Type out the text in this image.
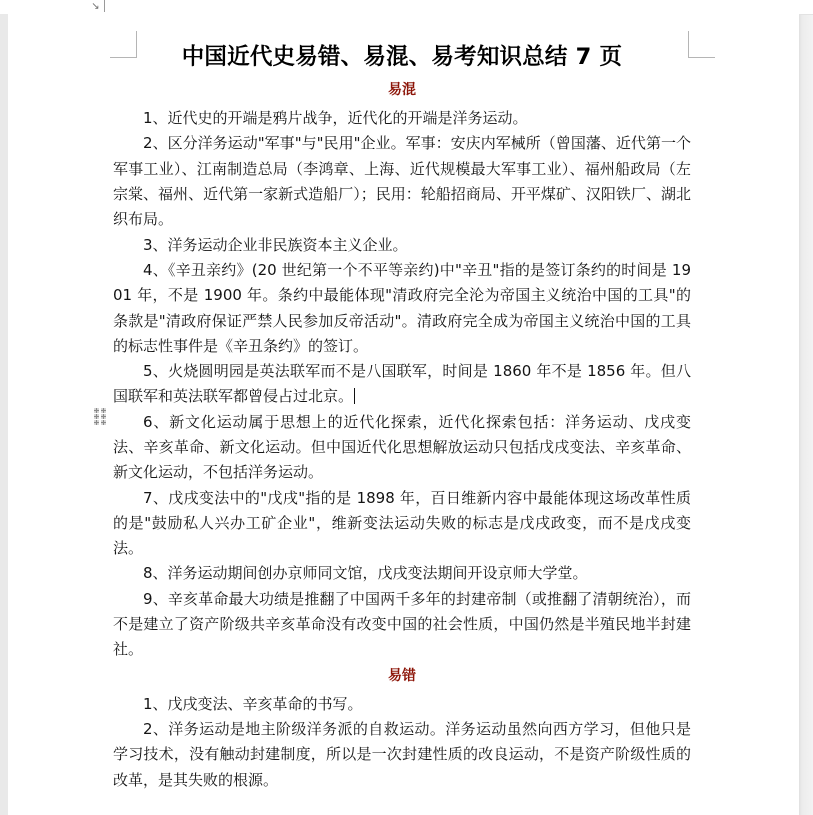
↘
中国近代史易错、易混、易考知识总结 7 页
易混

1、近代史的开端是鸦片战争，近代化的开端是洋务运动。

2、区分洋务运动"军事"与"民用"企业。军事：安庆内军械所（曾国藩、近代第一个军事工业）、江南制造总局（李鸿章、上海、近代规模最大军事工业）、福州船政局（左宗棠、福州、近代第一家新式造船厂）；民用：轮船招商局、开平煤矿、汉阳铁厂、湖北织布局。

3、洋务运动企业非民族资本主义企业。

4、《辛丑亲约》(20 世纪第一个不平等亲约)中"辛丑"指的是签订条约的时间是 1901 年，不是 1900 年。条约中最能体现"清政府完全沦为帝国主义统治中国的工具"的条款是"清政府保证严禁人民参加反帝活动"。清政府完全成为帝国主义统治中国的工具的标志性事件是《辛丑条约》的签订。

5、火烧圆明园是英法联军而不是八国联军，时间是 1860 年不是 1856 年。但八国联军和英法联军都曾侵占过北京。

6、新文化运动属于思想上的近代化探索，近代化探索包括：洋务运动、戊戌变法、辛亥革命、新文化运动。但中国近代化思想解放运动只包括戊戌变法、辛亥革命、新文化运动，不包括洋务运动。

7、戊戌变法中的"戊戌"指的是 1898 年，百日维新内容中最能体现这场改革性质的是"鼓励私人兴办工矿企业"，维新变法运动失败的标志是戊戌政变，而不是戊戌变法。

8、洋务运动期间创办京师同文馆，戊戌变法期间开设京师大学堂。

9、辛亥革命最大功绩是推翻了中国两千多年的封建帝制（或推翻了清朝统治），而不是建立了资产阶级共辛亥革命没有改变中国的社会性质，中国仍然是半殖民地半封建社。

易错

1、戊戌变法、辛亥革命的书写。

2、洋务运动是地主阶级洋务派的自救运动。洋务运动虽然向西方学习，但他只是学习技术，没有触动封建制度，所以是一次封建性质的改良运动，不是资产阶级性质的改革，是其失败的根源。
